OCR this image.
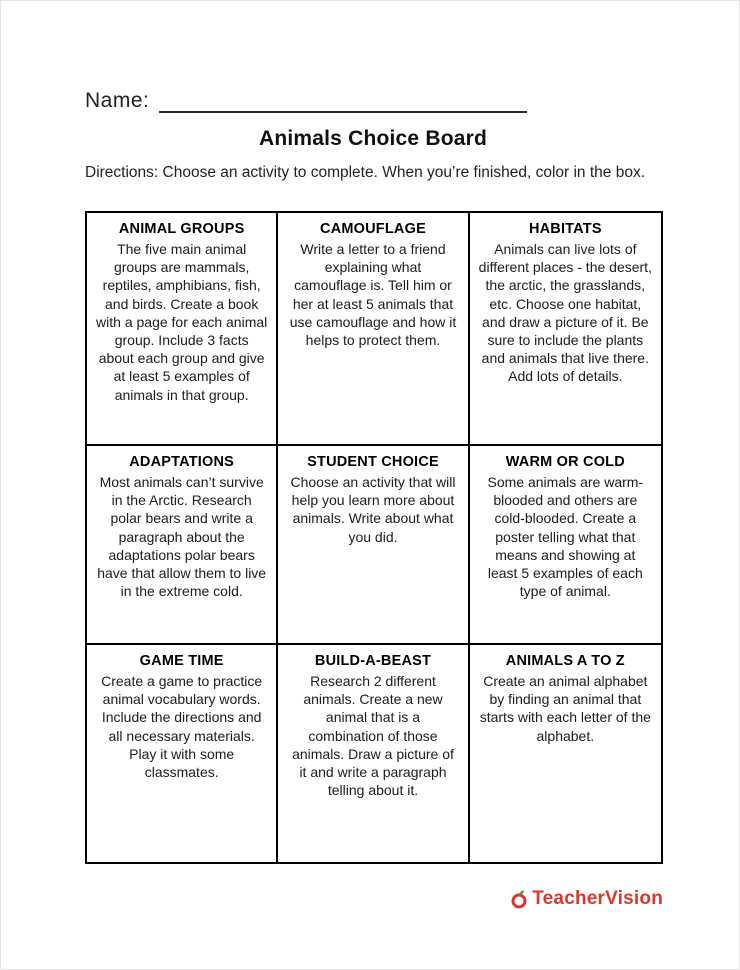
Name:
Animals Choice Board

Directions: Choose an activity to complete. When you’re finished, color in the box.

ANIMAL GROUPS
The five main animal groups are mammals, reptiles, amphibians, fish, and birds. Create a book with a page for each animal group. Include 3 facts about each group and give at least 5 examples of animals in that group.
CAMOUFLAGE
Write a letter to a friend explaining what camouflage is. Tell him or her at least 5 animals that use camouflage and how it helps to protect them.
HABITATS
Animals can live lots of different places - the desert, the arctic, the grasslands, etc. Choose one habitat, and draw a picture of it. Be sure to include the plants and animals that live there. Add lots of details.
ADAPTATIONS
Most animals can’t survive in the Arctic. Research polar bears and write a paragraph about the adaptations polar bears have that allow them to live in the extreme cold.
STUDENT CHOICE
Choose an activity that will help you learn more about animals. Write about what you did.
WARM OR COLD
Some animals are warm-blooded and others are cold-blooded. Create a poster telling what that means and showing at least 5 examples of each type of animal.
GAME TIME
Create a game to practice animal vocabulary words. Include the directions and all necessary materials. Play it with some classmates.
BUILD-A-BEAST
Research 2 different animals. Create a new animal that is a combination of those animals. Draw a picture of it and write a paragraph telling about it.
ANIMALS A TO Z
Create an animal alphabet by finding an animal that starts with each letter of the alphabet.
TeacherVision
